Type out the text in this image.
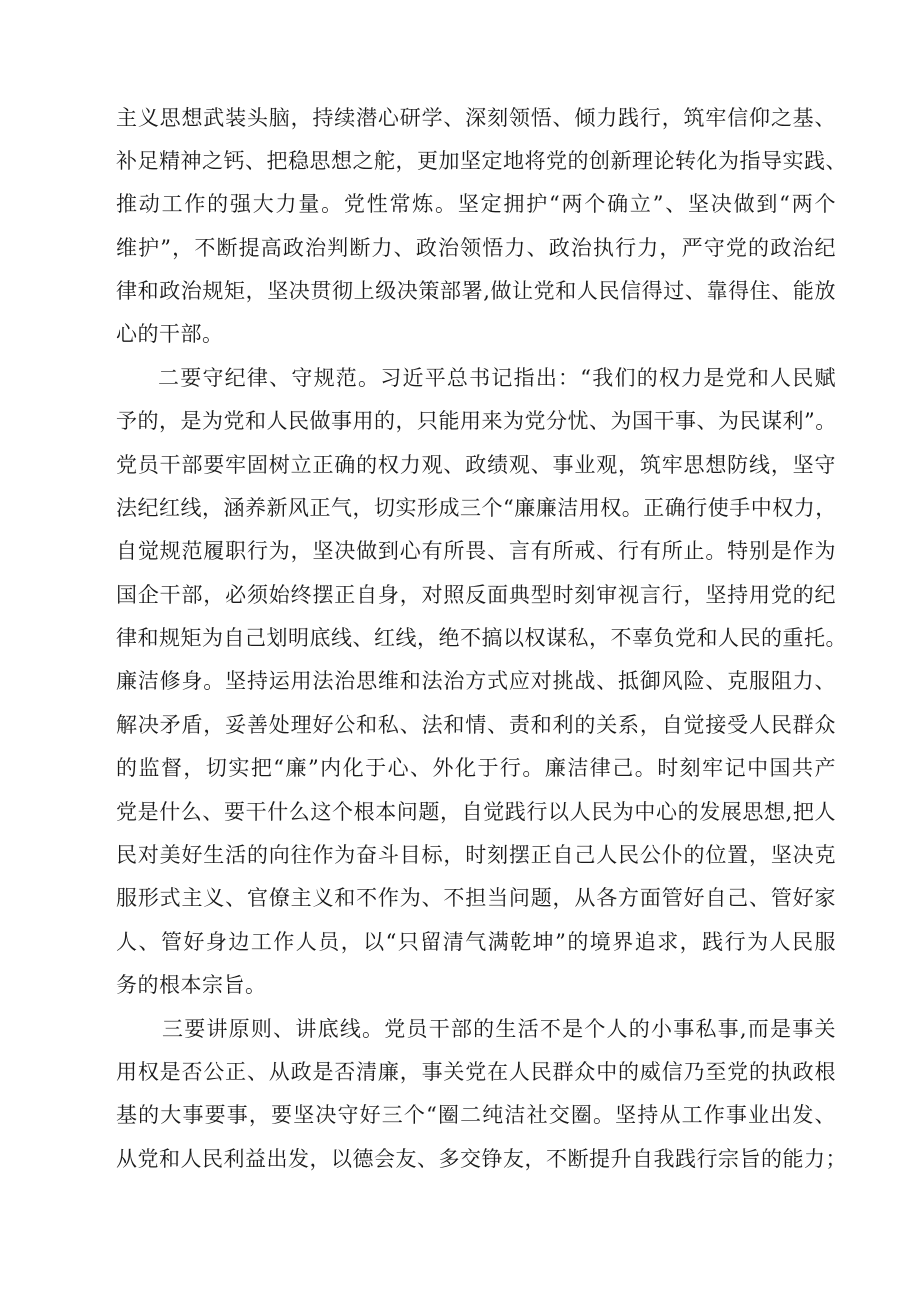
主义思想武装头脑，持续潜心研学、深刻领悟、倾力践行，筑牢信仰之基、

补足精神之钙、把稳思想之舵，更加坚定地将党的创新理论转化为指导实践、

推动工作的强大力量。党性常炼。坚定拥护“两个确立”、坚决做到“两个

维护”，不断提高政治判断力、政治领悟力、政治执行力，严守党的政治纪

律和政治规矩，坚决贯彻上级决策部署,做让党和人民信得过、靠得住、能放

心的干部。

二要守纪律、守规范。习近平总书记指出：“我们的权力是党和人民赋

予的，是为党和人民做事用的，只能用来为党分忧、为国干事、为民谋利”。

党员干部要牢固树立正确的权力观、政绩观、事业观，筑牢思想防线，坚守

法纪红线，涵养新风正气，切实形成三个“廉廉洁用权。正确行使手中权力，

自觉规范履职行为，坚决做到心有所畏、言有所戒、行有所止。特别是作为

国企干部，必须始终摆正自身，对照反面典型时刻审视言行，坚持用党的纪

律和规矩为自己划明底线、红线，绝不搞以权谋私，不辜负党和人民的重托。

廉洁修身。坚持运用法治思维和法治方式应对挑战、抵御风险、克服阻力、

解决矛盾，妥善处理好公和私、法和情、责和利的关系，自觉接受人民群众

的监督，切实把“廉”内化于心、外化于行。廉洁律己。时刻牢记中国共产

党是什么、要干什么这个根本问题，自觉践行以人民为中心的发展思想,把人

民对美好生活的向往作为奋斗目标，时刻摆正自己人民公仆的位置，坚决克

服形式主义、官僚主义和不作为、不担当问题，从各方面管好自己、管好家

人、管好身边工作人员，以“只留清气满乾坤”的境界追求，践行为人民服

务的根本宗旨。

三要讲原则、讲底线。党员干部的生活不是个人的小事私事,而是事关

用权是否公正、从政是否清廉，事关党在人民群众中的威信乃至党的执政根

基的大事要事，要坚决守好三个“圈二纯洁社交圈。坚持从工作事业出发、

从党和人民利益出发，以德会友、多交铮友，不断提升自我践行宗旨的能力；
